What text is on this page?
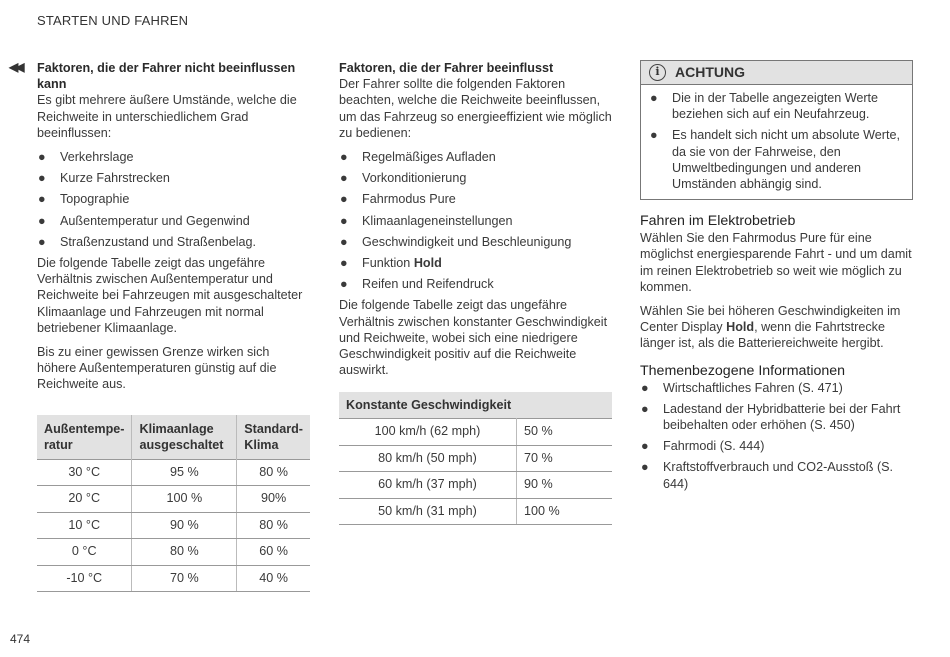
STARTEN UND FAHREN
◀◀ Faktoren, die der Fahrer nicht beeinflussen kann

Es gibt mehrere äußere Umstände, welche die Reichweite in unterschiedlichem Grad beeinflussen:

● Verkehrslage
● Kurze Fahrstrecken
● Topographie
● Außentemperatur und Gegenwind
● Straßenzustand und Straßenbelag.

Die folgende Tabelle zeigt das ungefähre Verhältnis zwischen Außentemperatur und Reichweite bei Fahrzeugen mit ausgeschalteter Klimaanlage und Fahrzeugen mit normal betriebener Klimaanlage.

Bis zu einer gewissen Grenze wirken sich höhere Außentemperaturen günstig auf die Reichweite aus.

Außentempe-ratur	Klimaanlage ausgeschaltet	Standard-Klima
30 °C	95 %	80 %
20 °C	100 %	90%
10 °C	90 %	80 %
0 °C	80 %	60 %
-10 °C	70 %	40 %

Faktoren, die der Fahrer beeinflusst

Der Fahrer sollte die folgenden Faktoren beachten, welche die Reichweite beeinflussen, um das Fahrzeug so energieeffizient wie möglich zu bedienen:

● Regelmäßiges Aufladen
● Vorkonditionierung
● Fahrmodus Pure
● Klimaanlageneinstellungen
● Geschwindigkeit und Beschleunigung
● Funktion Hold
● Reifen und Reifendruck

Die folgende Tabelle zeigt das ungefähre Verhältnis zwischen konstanter Geschwindigkeit und Reichweite, wobei sich eine niedrigere Geschwindigkeit positiv auf die Reichweite auswirkt.

Konstante Geschwindigkeit	
100 km/h (62 mph)	50 %
80 km/h (50 mph)	70 %
60 km/h (37 mph)	90 %
50 km/h (31 mph)	100 %
i	ACHTUNG
● Die in der Tabelle angezeigten Werte beziehen sich auf ein Neufahrzeug.
● Es handelt sich nicht um absolute Werte, da sie von der Fahrweise, den Umweltbedingungen und anderen Umständen abhängig sind.
Fahren im Elektrobetrieb

Wählen Sie den Fahrmodus Pure für eine möglichst energiesparende Fahrt - und um damit im reinen Elektrobetrieb so weit wie möglich zu kommen.

Wählen Sie bei höheren Geschwindigkeiten im Center Display Hold, wenn die Fahrtstrecke länger ist, als die Batteriereichweite hergibt.

Themenbezogene Informationen
● Wirtschaftliches Fahren (S. 471)
● Ladestand der Hybridbatterie bei der Fahrt beibehalten oder erhöhen (S. 450)
● Fahrmodi (S. 444)
● Kraftstoffverbrauch und CO2-Ausstoß (S. 644)
474
